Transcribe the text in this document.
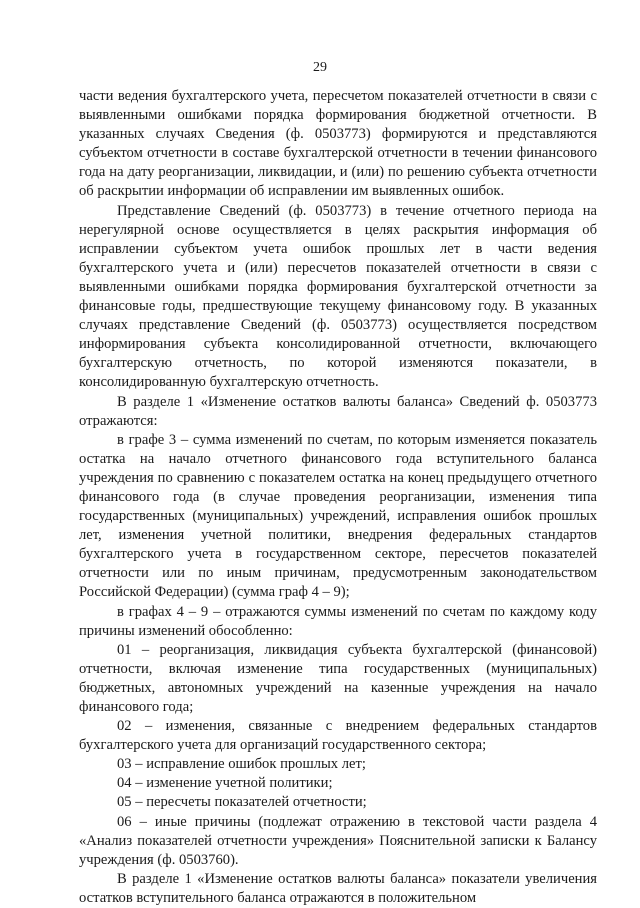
29

части ведения бухгалтерского учета, пересчетом показателей отчетности в связи с выявленными ошибками порядка формирования бюджетной отчетности. В указанных случаях Сведения (ф. 0503773) формируются и представляются субъектом отчетности в составе бухгалтерской отчетности в течении финансового года на дату реорганизации, ликвидации, и (или) по решению субъекта отчетности об раскрытии информации об исправлении им выявленных ошибок.

Представление Сведений (ф. 0503773) в течение отчетного периода на нерегулярной основе осуществляется в целях раскрытия информация об исправлении субъектом учета ошибок прошлых лет в части ведения бухгалтерского учета и (или) пересчетов показателей отчетности в связи с выявленными ошибками порядка формирования бухгалтерской отчетности за финансовые годы, предшествующие текущему финансовому году. В указанных случаях представление Сведений (ф. 0503773) осуществляется посредством информирования субъекта консолидированной отчетности, включающего бухгалтерскую отчетность, по которой изменяются показатели, в консолидированную бухгалтерскую отчетность.

В разделе 1 «Изменение остатков валюты баланса» Сведений ф. 0503773 отражаются:

в графе 3 – сумма изменений по счетам, по которым изменяется показатель остатка на начало отчетного финансового года вступительного баланса учреждения по сравнению с показателем остатка на конец предыдущего отчетного финансового года (в случае проведения реорганизации, изменения типа государственных (муниципальных) учреждений, исправления ошибок прошлых лет, изменения учетной политики, внедрения федеральных стандартов бухгалтерского учета в государственном секторе, пересчетов показателей отчетности или по иным причинам, предусмотренным законодательством Российской Федерации) (сумма граф 4 – 9);

в графах 4 – 9 – отражаются суммы изменений по счетам по каждому коду причины изменений обособленно:

01 – реорганизация, ликвидация субъекта бухгалтерской (финансовой) отчетности, включая изменение типа государственных (муниципальных) бюджетных, автономных учреждений на казенные учреждения на начало финансового года;

02 – изменения, связанные с внедрением федеральных стандартов бухгалтерского учета для организаций государственного сектора;

03 – исправление ошибок прошлых лет;

04 – изменение учетной политики;

05 – пересчеты показателей отчетности;

06 – иные причины (подлежат отражению в текстовой части раздела 4 «Анализ показателей отчетности учреждения» Пояснительной записки к Балансу учреждения (ф. 0503760).

В разделе 1 «Изменение остатков валюты баланса» показатели увеличения остатков вступительного баланса отражаются в положительном
